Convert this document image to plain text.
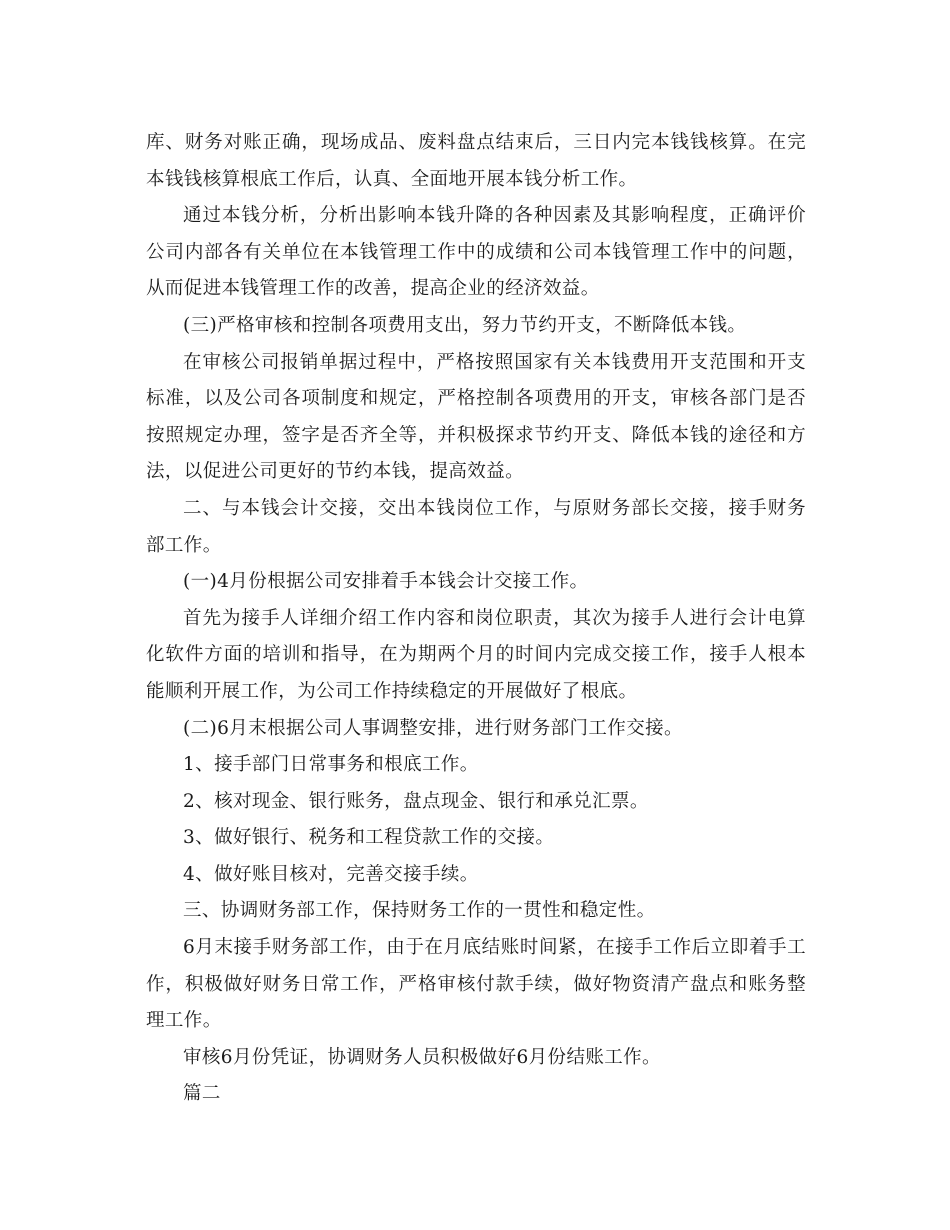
库、财务对账正确，现场成品、废料盘点结束后，三日内完本钱钱核算。在完本钱钱核算根底工作后，认真、全面地开展本钱分析工作。

通过本钱分析，分析出影响本钱升降的各种因素及其影响程度，正确评价公司内部各有关单位在本钱管理工作中的成绩和公司本钱管理工作中的问题，从而促进本钱管理工作的改善，提高企业的经济效益。

(三)严格审核和控制各项费用支出，努力节约开支，不断降低本钱。

在审核公司报销单据过程中，严格按照国家有关本钱费用开支范围和开支标准，以及公司各项制度和规定，严格控制各项费用的开支，审核各部门是否按照规定办理，签字是否齐全等，并积极探求节约开支、降低本钱的途径和方法，以促进公司更好的节约本钱，提高效益。

二、与本钱会计交接，交出本钱岗位工作，与原财务部长交接，接手财务部工作。

(一)4月份根据公司安排着手本钱会计交接工作。

首先为接手人详细介绍工作内容和岗位职责，其次为接手人进行会计电算化软件方面的培训和指导，在为期两个月的时间内完成交接工作，接手人根本能顺利开展工作，为公司工作持续稳定的开展做好了根底。

(二)6月末根据公司人事调整安排，进行财务部门工作交接。

1、接手部门日常事务和根底工作。

2、核对现金、银行账务，盘点现金、银行和承兑汇票。

3、做好银行、税务和工程贷款工作的交接。

4、做好账目核对，完善交接手续。

三、协调财务部工作，保持财务工作的一贯性和稳定性。

6月末接手财务部工作，由于在月底结账时间紧，在接手工作后立即着手工作，积极做好财务日常工作，严格审核付款手续，做好物资清产盘点和账务整理工作。

审核6月份凭证，协调财务人员积极做好6月份结账工作。

篇二
